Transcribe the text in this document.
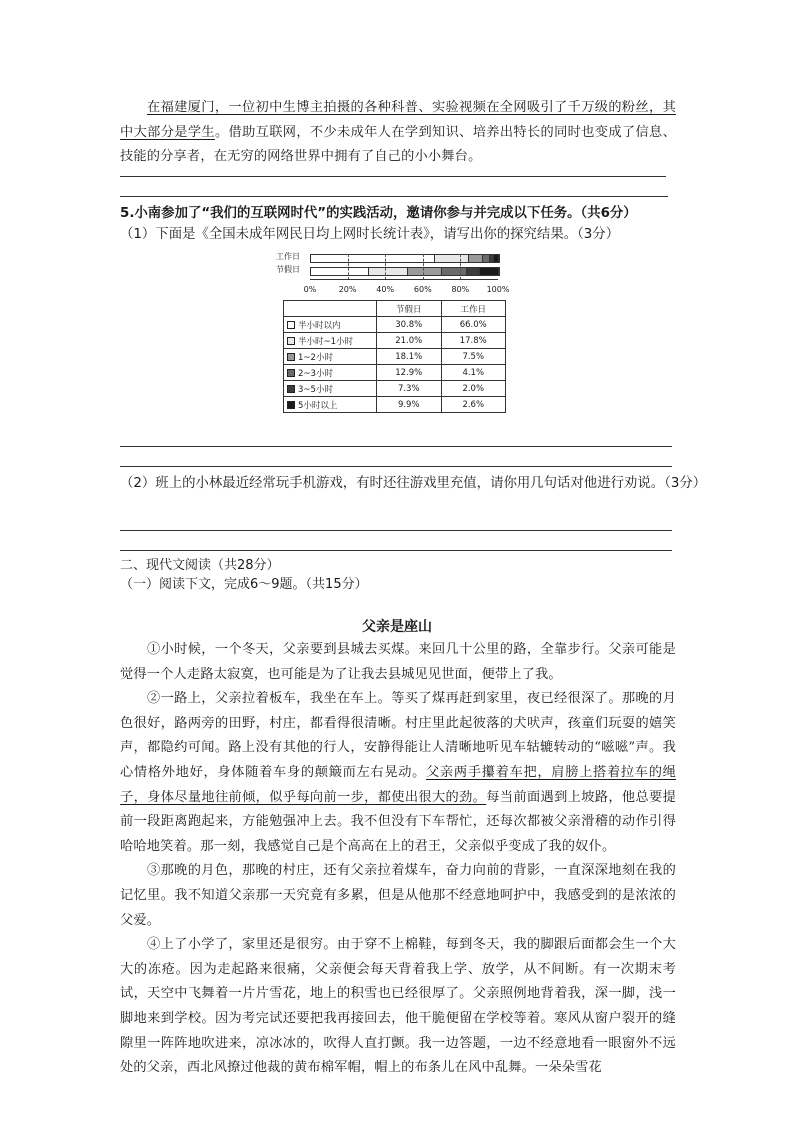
在福建厦门，一位初中生博主拍摄的各种科普、实验视频在全网吸引了千万级的粉丝，其中大部分是学生。借助互联网，不少未成年人在学到知识、培养出特长的同时也变成了信息、技能的分享者，在无穷的网络世界中拥有了自己的小小舞台。

5.小南参加了“我们的互联网时代”的实践活动，邀请你参与并完成以下任务。（共6分）

（1）下面是《全国未成年网民日均上网时长统计表》，请写出你的探究结果。（3分）

工作日
节假日
0%	20% 40% 60% 80% 100%
	节假日	工作日
半小时以内	30.8%	66.0%
半小时~1小时	21.0%	17.8%
1~2小时	18.1%	7.5%
2~3小时	12.9%	4.1%
3~5小时	7.3%	2.0%
5小时以上	9.9%	2.6%

（2）班上的小林最近经常玩手机游戏，有时还往游戏里充值，请你用几句话对他进行劝说。（3分）

二、现代文阅读（共28分）

（一）阅读下文，完成6～9题。（共15分）

父亲是座山

①小时候，一个冬天，父亲要到县城去买煤。来回几十公里的路，全靠步行。父亲可能是觉得一个人走路太寂寞，也可能是为了让我去县城见见世面，便带上了我。

②一路上，父亲拉着板车，我坐在车上。等买了煤再赶到家里，夜已经很深了。那晚的月色很好，路两旁的田野，村庄，都看得很清晰。村庄里此起彼落的犬吠声，孩童们玩耍的嬉笑声，都隐约可闻。路上没有其他的行人，安静得能让人清晰地听见车轱辘转动的“嗞嗞”声。我心情格外地好，身体随着车身的颠簸而左右晃动。父亲两手攥着车把，肩膀上搭着拉车的绳子，身体尽量地往前倾，似乎每向前一步，都使出很大的劲。每当前面遇到上坡路，他总要提前一段距离跑起来，方能勉强冲上去。我不但没有下车帮忙，还每次都被父亲滑稽的动作引得哈哈地笑着。那一刻，我感觉自己是个高高在上的君王，父亲似乎变成了我的奴仆。

③那晚的月色，那晚的村庄，还有父亲拉着煤车，奋力向前的背影，一直深深地刻在我的记忆里。我不知道父亲那一天究竟有多累，但是从他那不经意地呵护中，我感受到的是浓浓的父爱。

④上了小学了，家里还是很穷。由于穿不上棉鞋，每到冬天，我的脚跟后面都会生一个大大的冻疮。因为走起路来很痛，父亲便会每天背着我上学、放学，从不间断。有一次期末考试，天空中飞舞着一片片雪花，地上的积雪也已经很厚了。父亲照例地背着我，深一脚，浅一脚地来到学校。因为考完试还要把我再接回去，他干脆便留在学校等着。寒风从窗户裂开的缝隙里一阵阵地吹进来，凉冰冰的，吹得人直打颤。我一边答题，一边不经意地看一眼窗外不远处的父亲，西北风撩过他裁的黄布棉军帽，帽上的布条儿在风中乱舞。一朵朵雪花
